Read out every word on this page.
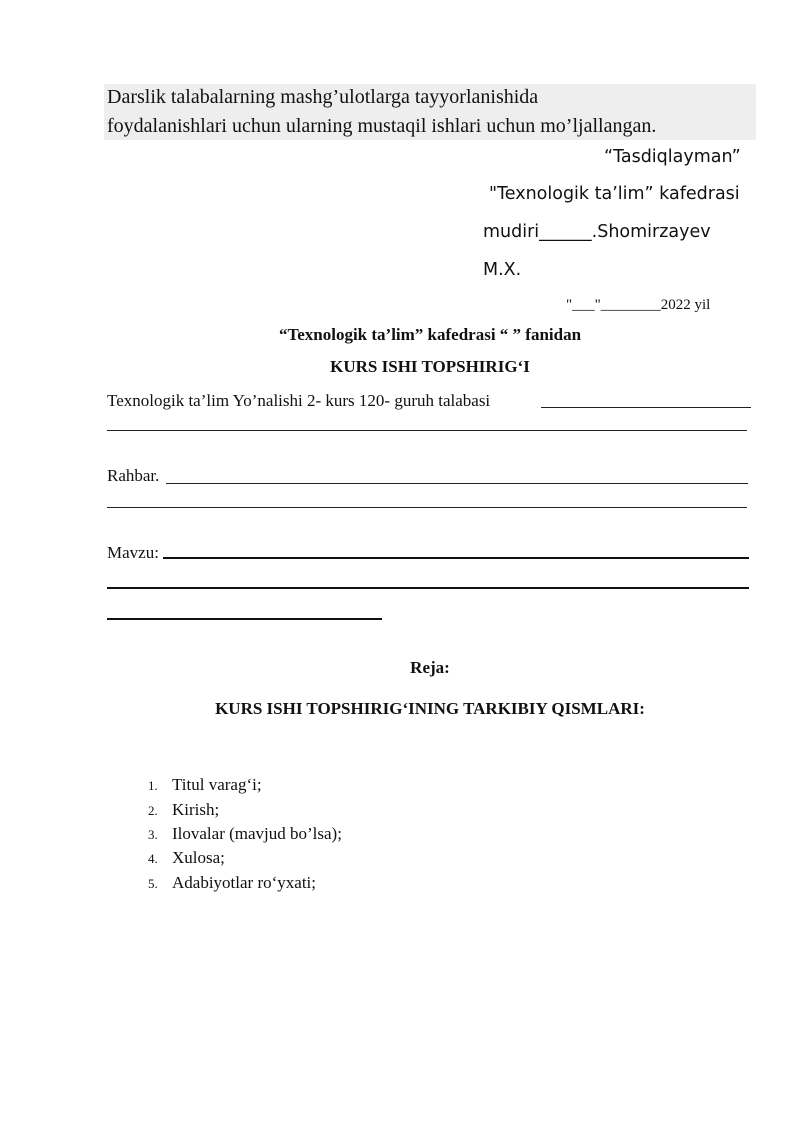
Darslik talabalarning mashg’ulotlarga tayyorlanishida
foydalanishlari uchun ularning mustaqil ishlari uchun mo’ljallangan.
“Tasdiqlayman”
"Texnologik ta’lim” kafedrasi
mudiri______.Shomirzayev
M.X.
"___"________2022 yil
“Texnologik ta’lim” kafedrasi “ ” fanidan
KURS ISHI TOPSHIRIG‘I
Texnologik ta’lim Yo’nalishi 2- kurs 120- guruh talabasi
Rahbar.
Mavzu:
Reja:
KURS ISHI TOPSHIRIG‘INING TARKIBIY QISMLARI:
1. Titul varag‘i;
2. Kirish;
3. Ilovalar (mavjud bo’lsa);
4. Xulosa;
5. Adabiyotlar ro‘yxati;
